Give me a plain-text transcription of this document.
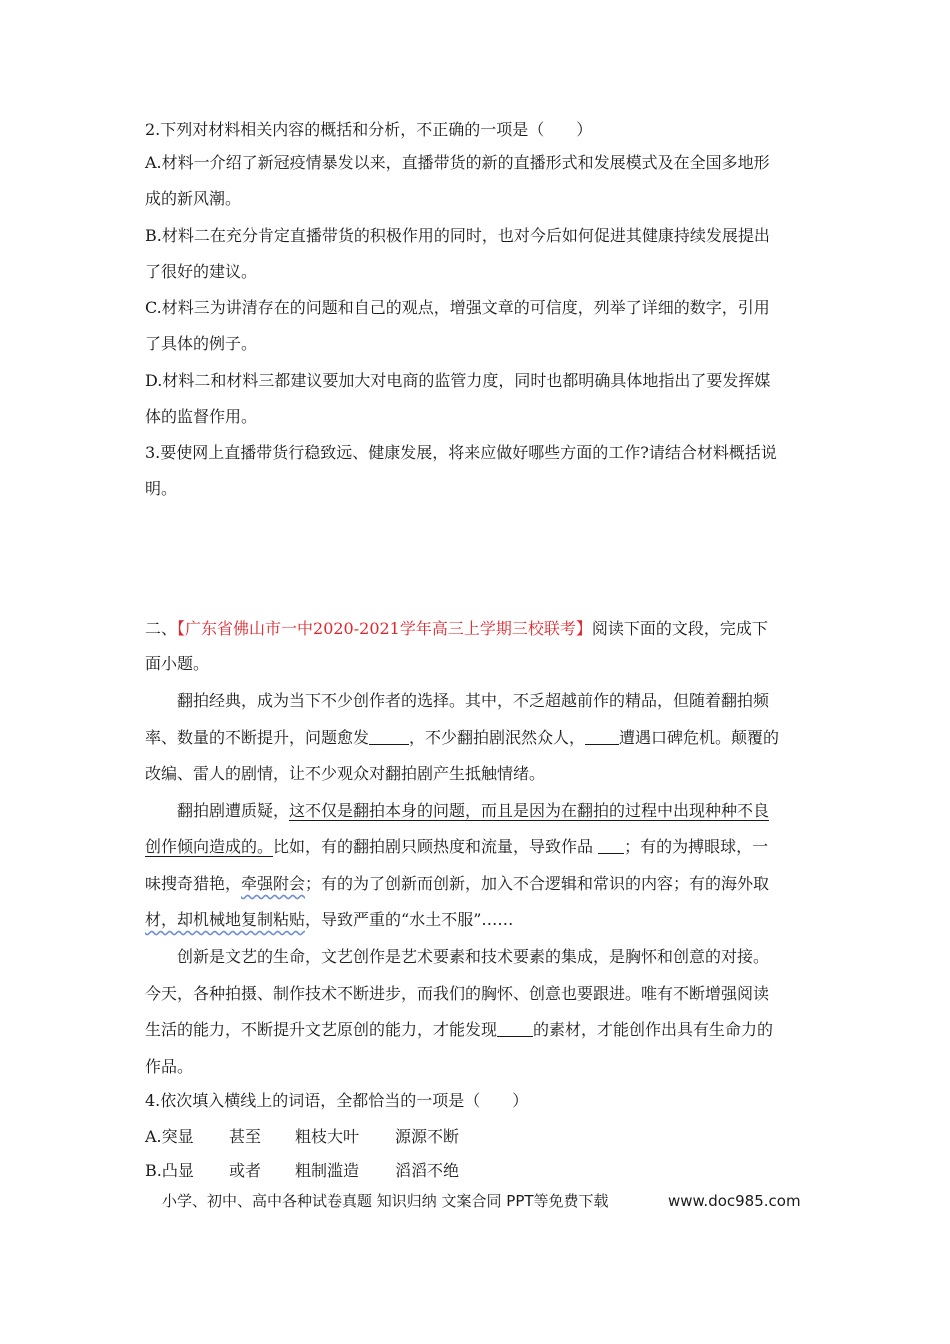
2.下列对材料相关内容的概括和分析，不正确的一项是（　　）
A.材料一介绍了新冠疫情暴发以来，直播带货的新的直播形式和发展模式及在全国多地形
成的新风潮。
B.材料二在充分肯定直播带货的积极作用的同时，也对今后如何促进其健康持续发展提出
了很好的建议。
C.材料三为讲清存在的问题和自己的观点，增强文章的可信度，列举了详细的数字，引用
了具体的例子。
D.材料二和材料三都建议要加大对电商的监管力度，同时也都明确具体地指出了要发挥媒
体的监督作用。
3.要使网上直播带货行稳致远、健康发展，将来应做好哪些方面的工作?请结合材料概括说
明。
二、【广东省佛山市一中2020-2021学年高三上学期三校联考】阅读下面的文段，完成下
面小题。
翻拍经典，成为当下不少创作者的选择。其中，不乏超越前作的精品，但随着翻拍频
率、数量的不断提升，问题愈发	，不少翻拍剧泯然众人， 遭遇口碑危机。颠覆的
改编、雷人的剧情，让不少观众对翻拍剧产生抵触情绪。
翻拍剧遭质疑，这不仅是翻拍本身的问题，而且是因为在翻拍的过程中出现种种不良
创作倾向造成的。比如，有的翻拍剧只顾热度和流量，导致作品 ；有的为搏眼球，一
味搜奇猎艳，牵强附会；有的为了创新而创新，加入不合逻辑和常识的内容；有的海外取
材，却机械地复制粘贴，导致严重的“水土不服”……
创新是文艺的生命，文艺创作是艺术要素和技术要素的集成，是胸怀和创意的对接。
今天，各种拍摄、制作技术不断进步，而我们的胸怀、创意也要跟进。唯有不断增强阅读
生活的能力，不断提升文艺原创的能力，才能发现 的素材，才能创作出具有生命力的
作品。
4.依次填入横线上的词语，全都恰当的一项是（　　）
A.突显 甚至 粗枝大叶 源源不断
B.凸显 或者 粗制滥造 滔滔不绝
小学、初中、高中各种试卷真题 知识归纳 文案合同 PPT等免费下载	www.doc985.com
